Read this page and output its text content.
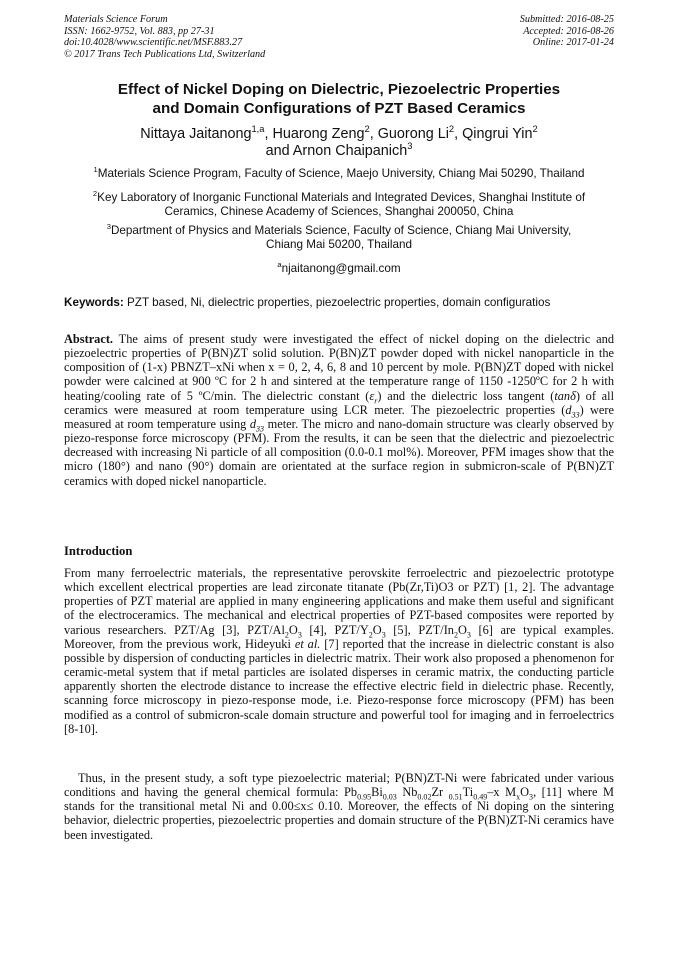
Materials Science Forum
ISSN: 1662-9752, Vol. 883, pp 27-31
doi:10.4028/www.scientific.net/MSF.883.27
© 2017 Trans Tech Publications Ltd, Switzerland
Submitted: 2016-08-25
Accepted: 2016-08-26
Online: 2017-01-24
Effect of Nickel Doping on Dielectric, Piezoelectric Properties
and Domain Configurations of PZT Based Ceramics
Nittaya Jaitanong$^{1,a}$, Huarong Zeng$^2$, Guorong Li$^2$, Qingrui Yin$^2$
and Arnon Chaipanich$^3$
$^1$Materials Science Program, Faculty of Science, Maejo University, Chiang Mai 50290, Thailand
$^2$Key Laboratory of Inorganic Functional Materials and Integrated Devices, Shanghai Institute of
Ceramics, Chinese Academy of Sciences, Shanghai 200050, China
$^3$Department of Physics and Materials Science, Faculty of Science, Chiang Mai University,
Chiang Mai 50200, Thailand
$^a$njaitanong@gmail.com
Keywords: PZT based, Ni, dielectric properties, piezoelectric properties, domain configuratios

Abstract. The aims of present study were investigated the effect of nickel doping on the dielectric and piezoelectric properties of P(BN)ZT solid solution. P(BN)ZT powder doped with nickel nanoparticle in the composition of (1-x) PBNZT–xNi when x = 0, 2, 4, 6, 8 and 10 percent by mole. P(BN)ZT doped with nickel powder were calcined at 900 ºC for 2 h and sintered at the temperature range of 1150 -1250ºC for 2 h with heating/cooling rate of 5 ºC/min. The dielectric constant $(\varepsilon_r)$ and the dielectric loss tangent (tanδ) of all ceramics were measured at room temperature using LCR meter. The piezoelectric properties $(d_{33})$ were measured at room temperature using $d_{33}$ meter. The micro and nano-domain structure was clearly observed by piezo-response force microscopy (PFM). From the results, it can be seen that the dielectric and piezoelectric decreased with increasing Ni particle of all composition (0.0-0.1 mol%). Moreover, PFM images show that the micro (180°) and nano (90°) domain are orientated at the surface region in submicron-scale of P(BN)ZT ceramics with doped nickel nanoparticle.

Introduction

From many ferroelectric materials, the representative perovskite ferroelectric and piezoelectric prototype which excellent electrical properties are lead zirconate titanate (Pb(Zr,Ti)O3 or PZT) [1, 2]. The advantage properties of PZT material are applied in many engineering applications and make them useful and significant of the electroceramics. The mechanical and electrical properties of PZT-based composites were reported by various researchers. PZT/Ag [3], PZT/$Al_2O_3$ [4], PZT/$Y_2O_3$ [5], PZT/$In_2O_3$ [6] are typical examples. Moreover, from the previous work, Hideyuki et al. [7] reported that the increase in dielectric constant is also possible by dispersion of conducting particles in dielectric matrix. Their work also proposed a phenomenon for ceramic-metal system that if metal particles are isolated disperses in ceramic matrix, the conducting particle apparently shorten the electrode distance to increase the effective electric field in dielectric phase. Recently, scanning force microscopy in piezo-response mode, i.e. Piezo-response force microscopy (PFM) has been modified as a control of submicron-scale domain structure and powerful tool for imaging and in ferroelectrics [8-10].

Thus, in the present study, a soft type piezoelectric material; P(BN)ZT-Ni were fabricated under various conditions and having the general chemical formula: $Pb_{0.95}Bi_{0.03}$ $Nb_{0.02}Zr$ $_{0.51}Ti_{0.49}-x$ $M_xO_3$, [11] where M stands for the transitional metal Ni and 0.00≤x≤ 0.10. Moreover, the effects of Ni doping on the sintering behavior, dielectric properties, piezoelectric properties and domain structure of the P(BN)ZT-Ni ceramics have been investigated.
